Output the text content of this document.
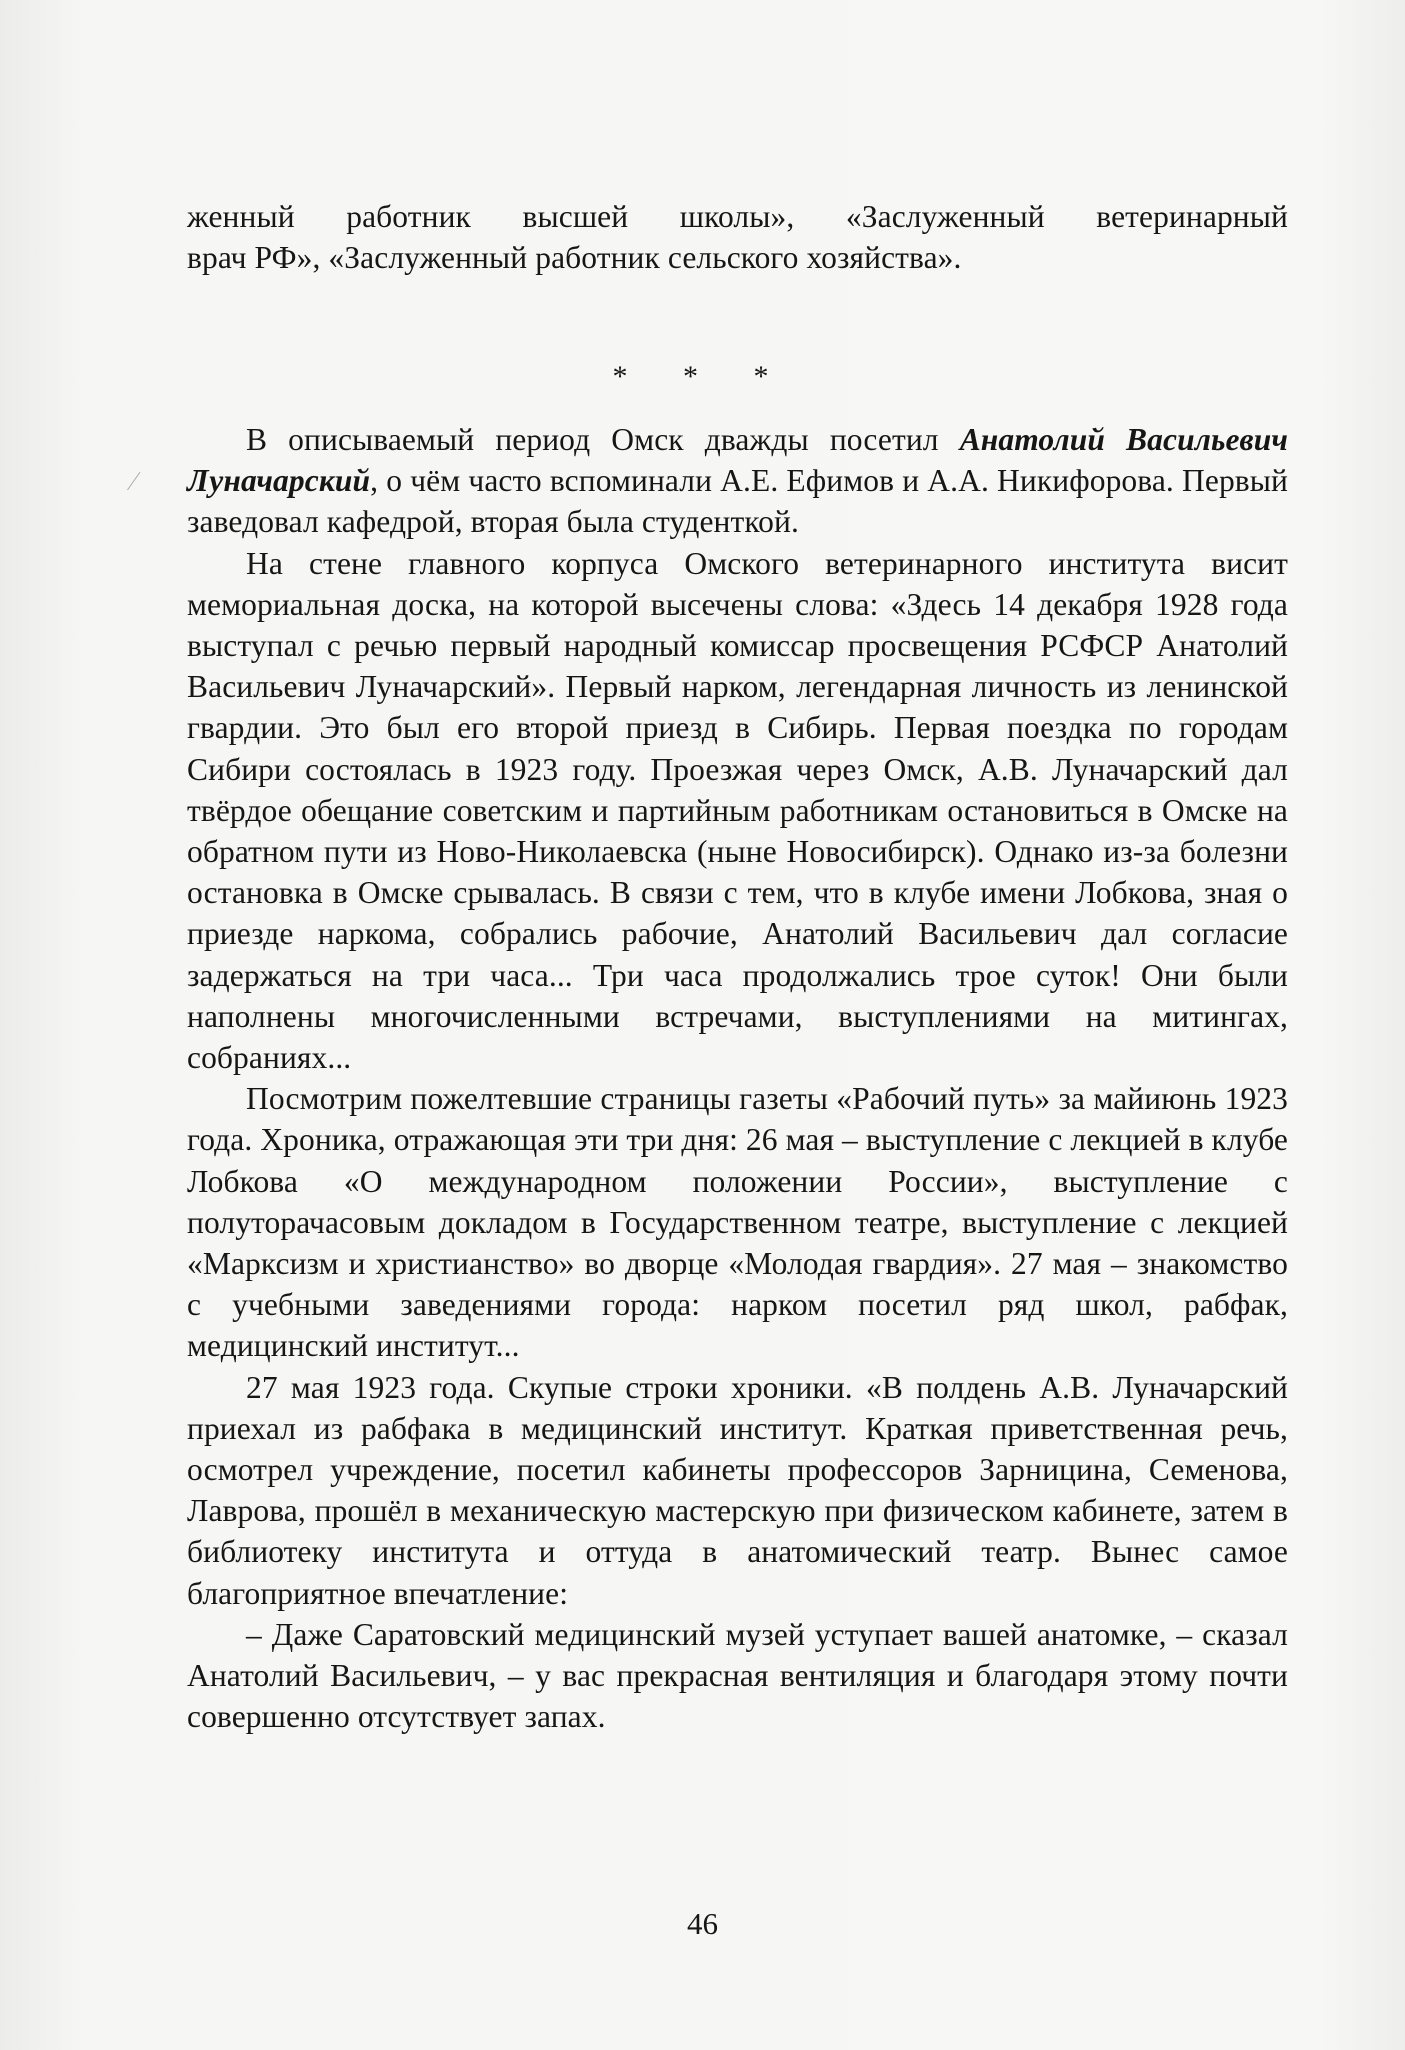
женный работник высшей школы», «Заслуженный ветеринарный

врач РФ», «Заслуженный работник сельского хозяйства».

* * *

В описываемый период Омск дважды посетил Анатолий Васильевич Луначарский, о чём часто вспоминали А.Е. Ефимов и А.А. Никифорова. Первый заведовал кафедрой, вторая была студенткой.

На стене главного корпуса Омского ветеринарного института висит мемориальная доска, на которой высечены слова: «Здесь 14 декабря 1928 года выступал с речью первый народный комиссар просвещения РСФСР Анатолий Васильевич Луначарский». Первый нарком, легендарная личность из ленинской гвардии. Это был его второй приезд в Сибирь. Первая поездка по городам Сибири состоялась в 1923 году. Проезжая через Омск, А.В. Луначарский дал твёрдое обещание советским и партийным работникам остановиться в Омске на обратном пути из Ново-Николаевска (ныне Новосибирск). Однако из-за болезни остановка в Омске срывалась. В связи с тем, что в клубе имени Лобкова, зная о приезде наркома, собрались рабочие, Анатолий Васильевич дал согласие задержаться на три часа... Три часа продолжались трое суток! Они были наполнены многочисленными встречами, выступлениями на митингах, собраниях...

Посмотрим пожелтевшие страницы газеты «Рабочий путь» за майиюнь 1923 года. Хроника, отражающая эти три дня: 26 мая – выступление с лекцией в клубе Лобкова «О международном положении России», выступление с полуторачасовым докладом в Государственном театре, выступление с лекцией «Марксизм и христианство» во дворце «Молодая гвардия». 27 мая – знакомство с учебными заведениями города: нарком посетил ряд школ, рабфак, медицинский институт...

27 мая 1923 года. Скупые строки хроники. «В полдень А.В. Луначарский приехал из рабфака в медицинский институт. Краткая приветственная речь, осмотрел учреждение, посетил кабинеты профессоров Зарницина, Семенова, Лаврова, прошёл в механическую мастерскую при физическом кабинете, затем в библиотеку института и оттуда в анатомический театр. Вынес самое благоприятное впечатление:

– Даже Саратовский медицинский музей уступает вашей анатомке, – сказал Анатолий Васильевич, – у вас прекрасная вентиляция и благодаря этому почти совершенно отсутствует запах.

46
